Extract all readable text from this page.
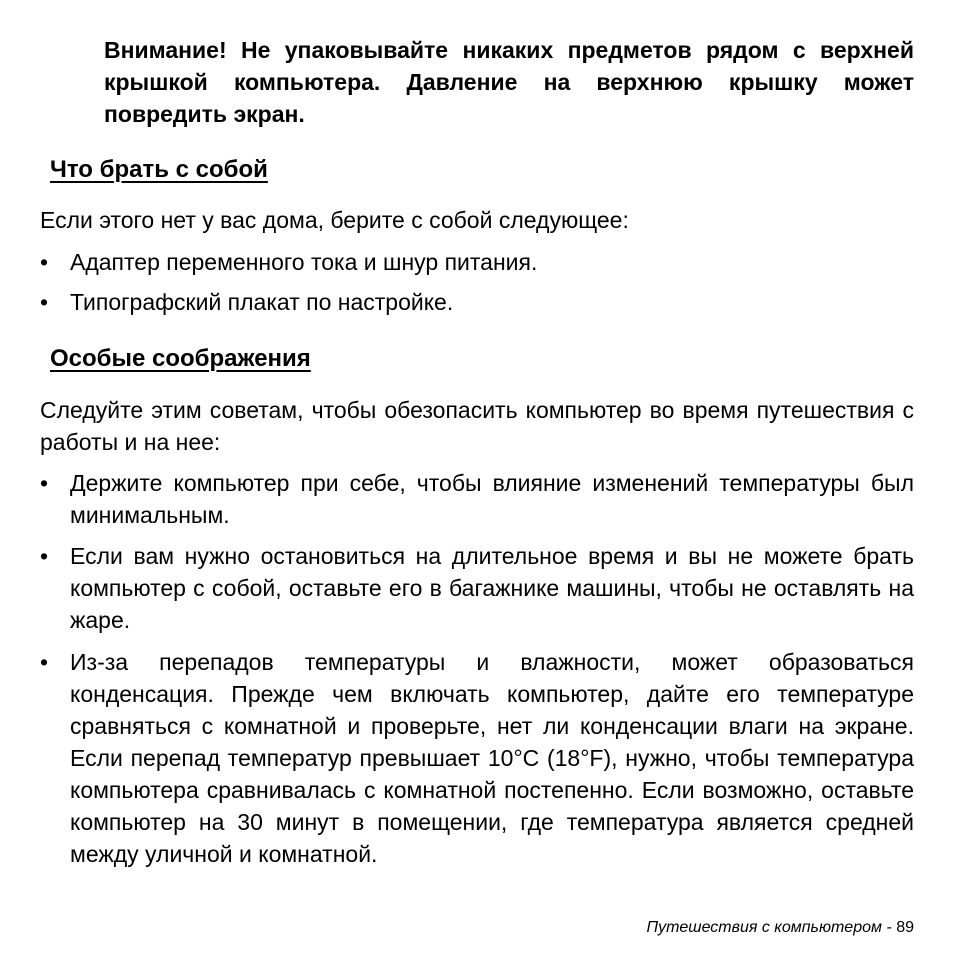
Внимание! Не упаковывайте никаких предметов рядом с верхней крышкой компьютера. Давление на верхнюю крышку может повредить экран.
Что брать с собой
Если этого нет у вас дома, берите с собой следующее:
• Адаптер переменного тока и шнур питания.
• Типографский плакат по настройке.
Особые соображения
Следуйте этим советам, чтобы обезопасить компьютер во время путешествия с работы и на нее:
• Держите компьютер при себе, чтобы влияние изменений температуры был минимальным.
• Если вам нужно остановиться на длительное время и вы не можете брать компьютер с собой, оставьте его в багажнике машины, чтобы не оставлять на жаре.
• Из-за перепадов температуры и влажности, может образоваться конденсация. Прежде чем включать компьютер, дайте его температуре сравняться с комнатной и проверьте, нет ли конденсации влаги на экране. Если перепад температур превышает 10°C (18°F), нужно, чтобы температура компьютера сравнивалась с комнатной постепенно. Если возможно, оставьте компьютер на 30 минут в помещении, где температура является средней между уличной и комнатной.
Путешествия с компьютером - 89
